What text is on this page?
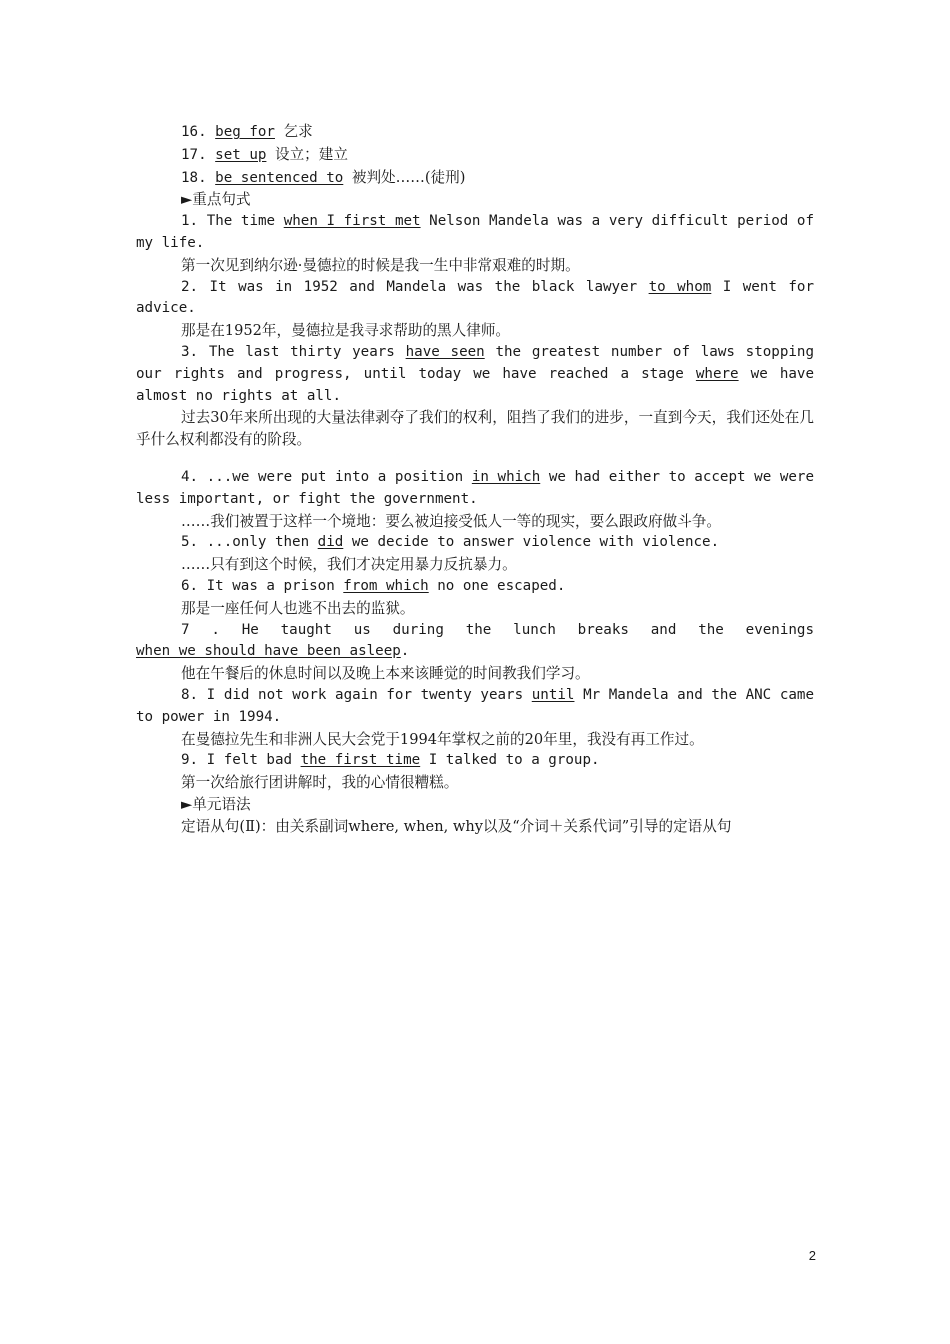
16. beg for 乞求
17. set up 设立；建立
18. be sentenced to 被判处……(徒刑)
►重点句式
1. The time when I first met Nelson Mandela was a very difficult period of my life.
第一次见到纳尔逊·曼德拉的时候是我一生中非常艰难的时期。
2. It was in 1952 and Mandela was the black lawyer to whom I went for advice.
那是在1952年，曼德拉是我寻求帮助的黑人律师。
3. The last thirty years have seen the greatest number of laws stopping our rights and progress, until today we have reached a stage where we have almost no rights at all.
过去30年来所出现的大量法律剥夺了我们的权利，阻挡了我们的进步，一直到今天，我们还处在几乎什么权利都没有的阶段。
4. ...we were put into a position in which we had either to accept we were less important, or fight the government.
……我们被置于这样一个境地：要么被迫接受低人一等的现实，要么跟政府做斗争。
5. ...only then did we decide to answer violence with violence.
……只有到这个时候，我们才决定用暴力反抗暴力。
6. It was a prison from which no one escaped.
那是一座任何人也逃不出去的监狱。
7 . He taught us during the lunch breaks and the evenings
when we should have been asleep.
他在午餐后的休息时间以及晚上本来该睡觉的时间教我们学习。
8. I did not work again for twenty years until Mr Mandela and the ANC came to power in 1994.
在曼德拉先生和非洲人民大会党于1994年掌权之前的20年里，我没有再工作过。
9. I felt bad the first time I talked to a group.
第一次给旅行团讲解时，我的心情很糟糕。
►单元语法
定语从句(Ⅱ)：由关系副词where, when, why以及“介词＋关系代词”引导的定语从句
2
